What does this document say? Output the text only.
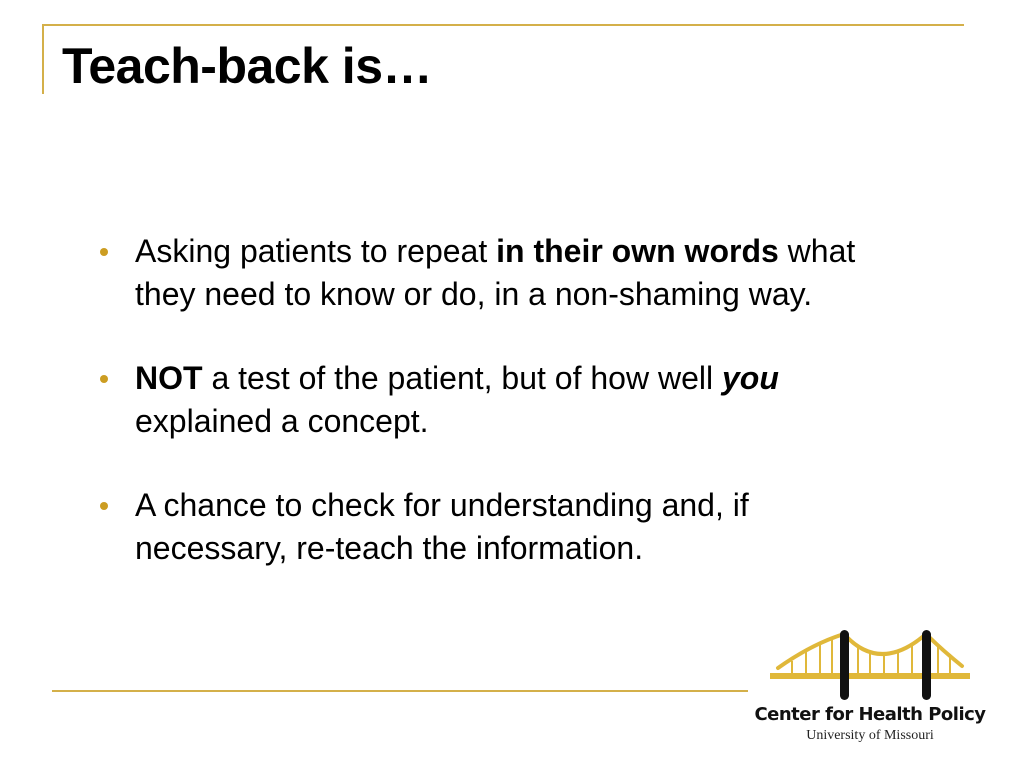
Teach-back is…
Asking patients to repeat in their own words what they need to know or do, in a non-shaming way.
NOT a test of the patient, but of how well you explained a concept.
A chance to check for understanding and, if necessary, re-teach the information.
Center for Health Policy
University of Missouri
